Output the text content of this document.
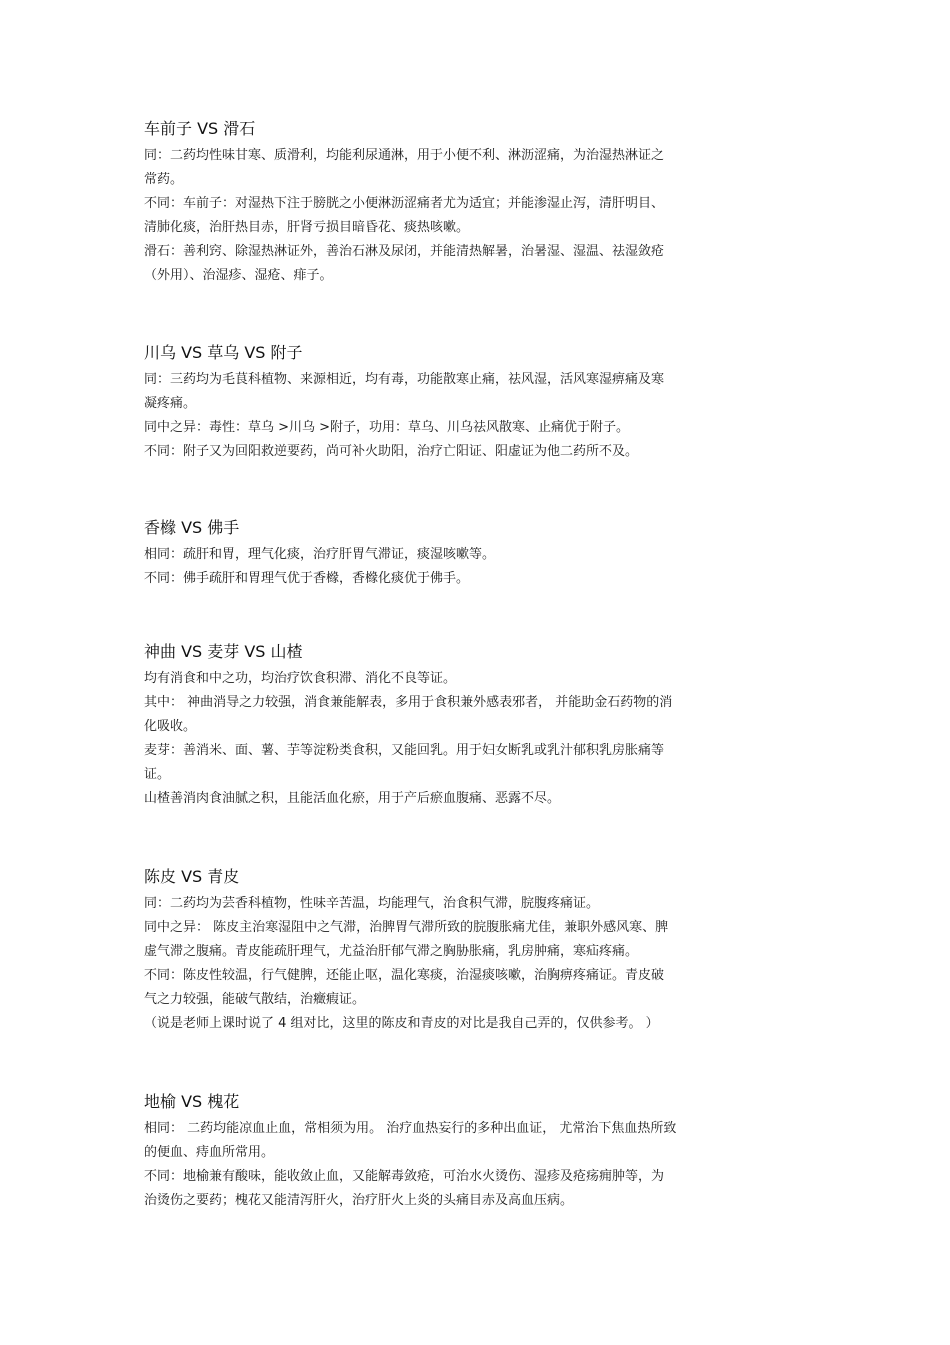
车前子 VS 滑石
同：二药均性味甘寒、质滑利，均能利尿通淋，用于小便不利、淋沥涩痛，为治湿热淋证之
常药。
不同：车前子：对湿热下注于膀胱之小便淋沥涩痛者尤为适宜；并能渗湿止泻，清肝明目、
清肺化痰，治肝热目赤，肝肾亏损目暗昏花、痰热咳嗽。
滑石：善利窍、除湿热淋证外，善治石淋及尿闭，并能清热解暑，治暑湿、湿温、祛湿敛疮
（外用）、治湿疹、湿疮、痱子。
川乌 VS 草乌 VS 附子
同：三药均为毛茛科植物、来源相近，均有毒，功能散寒止痛，祛风湿，活风寒湿痹痛及寒
凝疼痛。
同中之异：毒性：草乌 >川乌 >附子，功用：草乌、川乌祛风散寒、止痛优于附子。
不同：附子又为回阳救逆要药，尚可补火助阳，治疗亡阳证、阳虚证为他二药所不及。
香橼 VS 佛手
相同：疏肝和胃，理气化痰，治疗肝胃气滞证，痰湿咳嗽等。
不同：佛手疏肝和胃理气优于香橼，香橼化痰优于佛手。
神曲 VS 麦芽 VS 山楂
均有消食和中之功，均治疗饮食积滞、消化不良等证。
其中： 神曲消导之力较强，消食兼能解表，多用于食积兼外感表邪者， 并能助金石药物的消
化吸收。
麦芽：善消米、面、薯、芋等淀粉类食积，又能回乳。用于妇女断乳或乳汁郁积乳房胀痛等
证。
山楂善消肉食油腻之积，且能活血化瘀，用于产后瘀血腹痛、恶露不尽。
陈皮 VS 青皮
同：二药均为芸香科植物，性味辛苦温，均能理气，治食积气滞，脘腹疼痛证。
同中之异： 陈皮主治寒湿阻中之气滞，治脾胃气滞所致的脘腹胀痛尤佳，兼职外感风寒、脾
虚气滞之腹痛。青皮能疏肝理气，尤益治肝郁气滞之胸胁胀痛，乳房肿痛，寒疝疼痛。
不同：陈皮性较温，行气健脾，还能止呕，温化寒痰，治湿痰咳嗽，治胸痹疼痛证。青皮破
气之力较强，能破气散结，治癥瘕证。
（说是老师上课时说了 4 组对比，这里的陈皮和青皮的对比是我自己弄的，仅供参考。 ）
地榆 VS 槐花
相同： 二药均能凉血止血，常相须为用。 治疗血热妄行的多种出血证， 尤常治下焦血热所致
的便血、痔血所常用。
不同：地榆兼有酸味，能收敛止血，又能解毒敛疮，可治水火烫伤、湿疹及疮疡痈肿等，为
治烫伤之要药；槐花又能清泻肝火，治疗肝火上炎的头痛目赤及高血压病。
